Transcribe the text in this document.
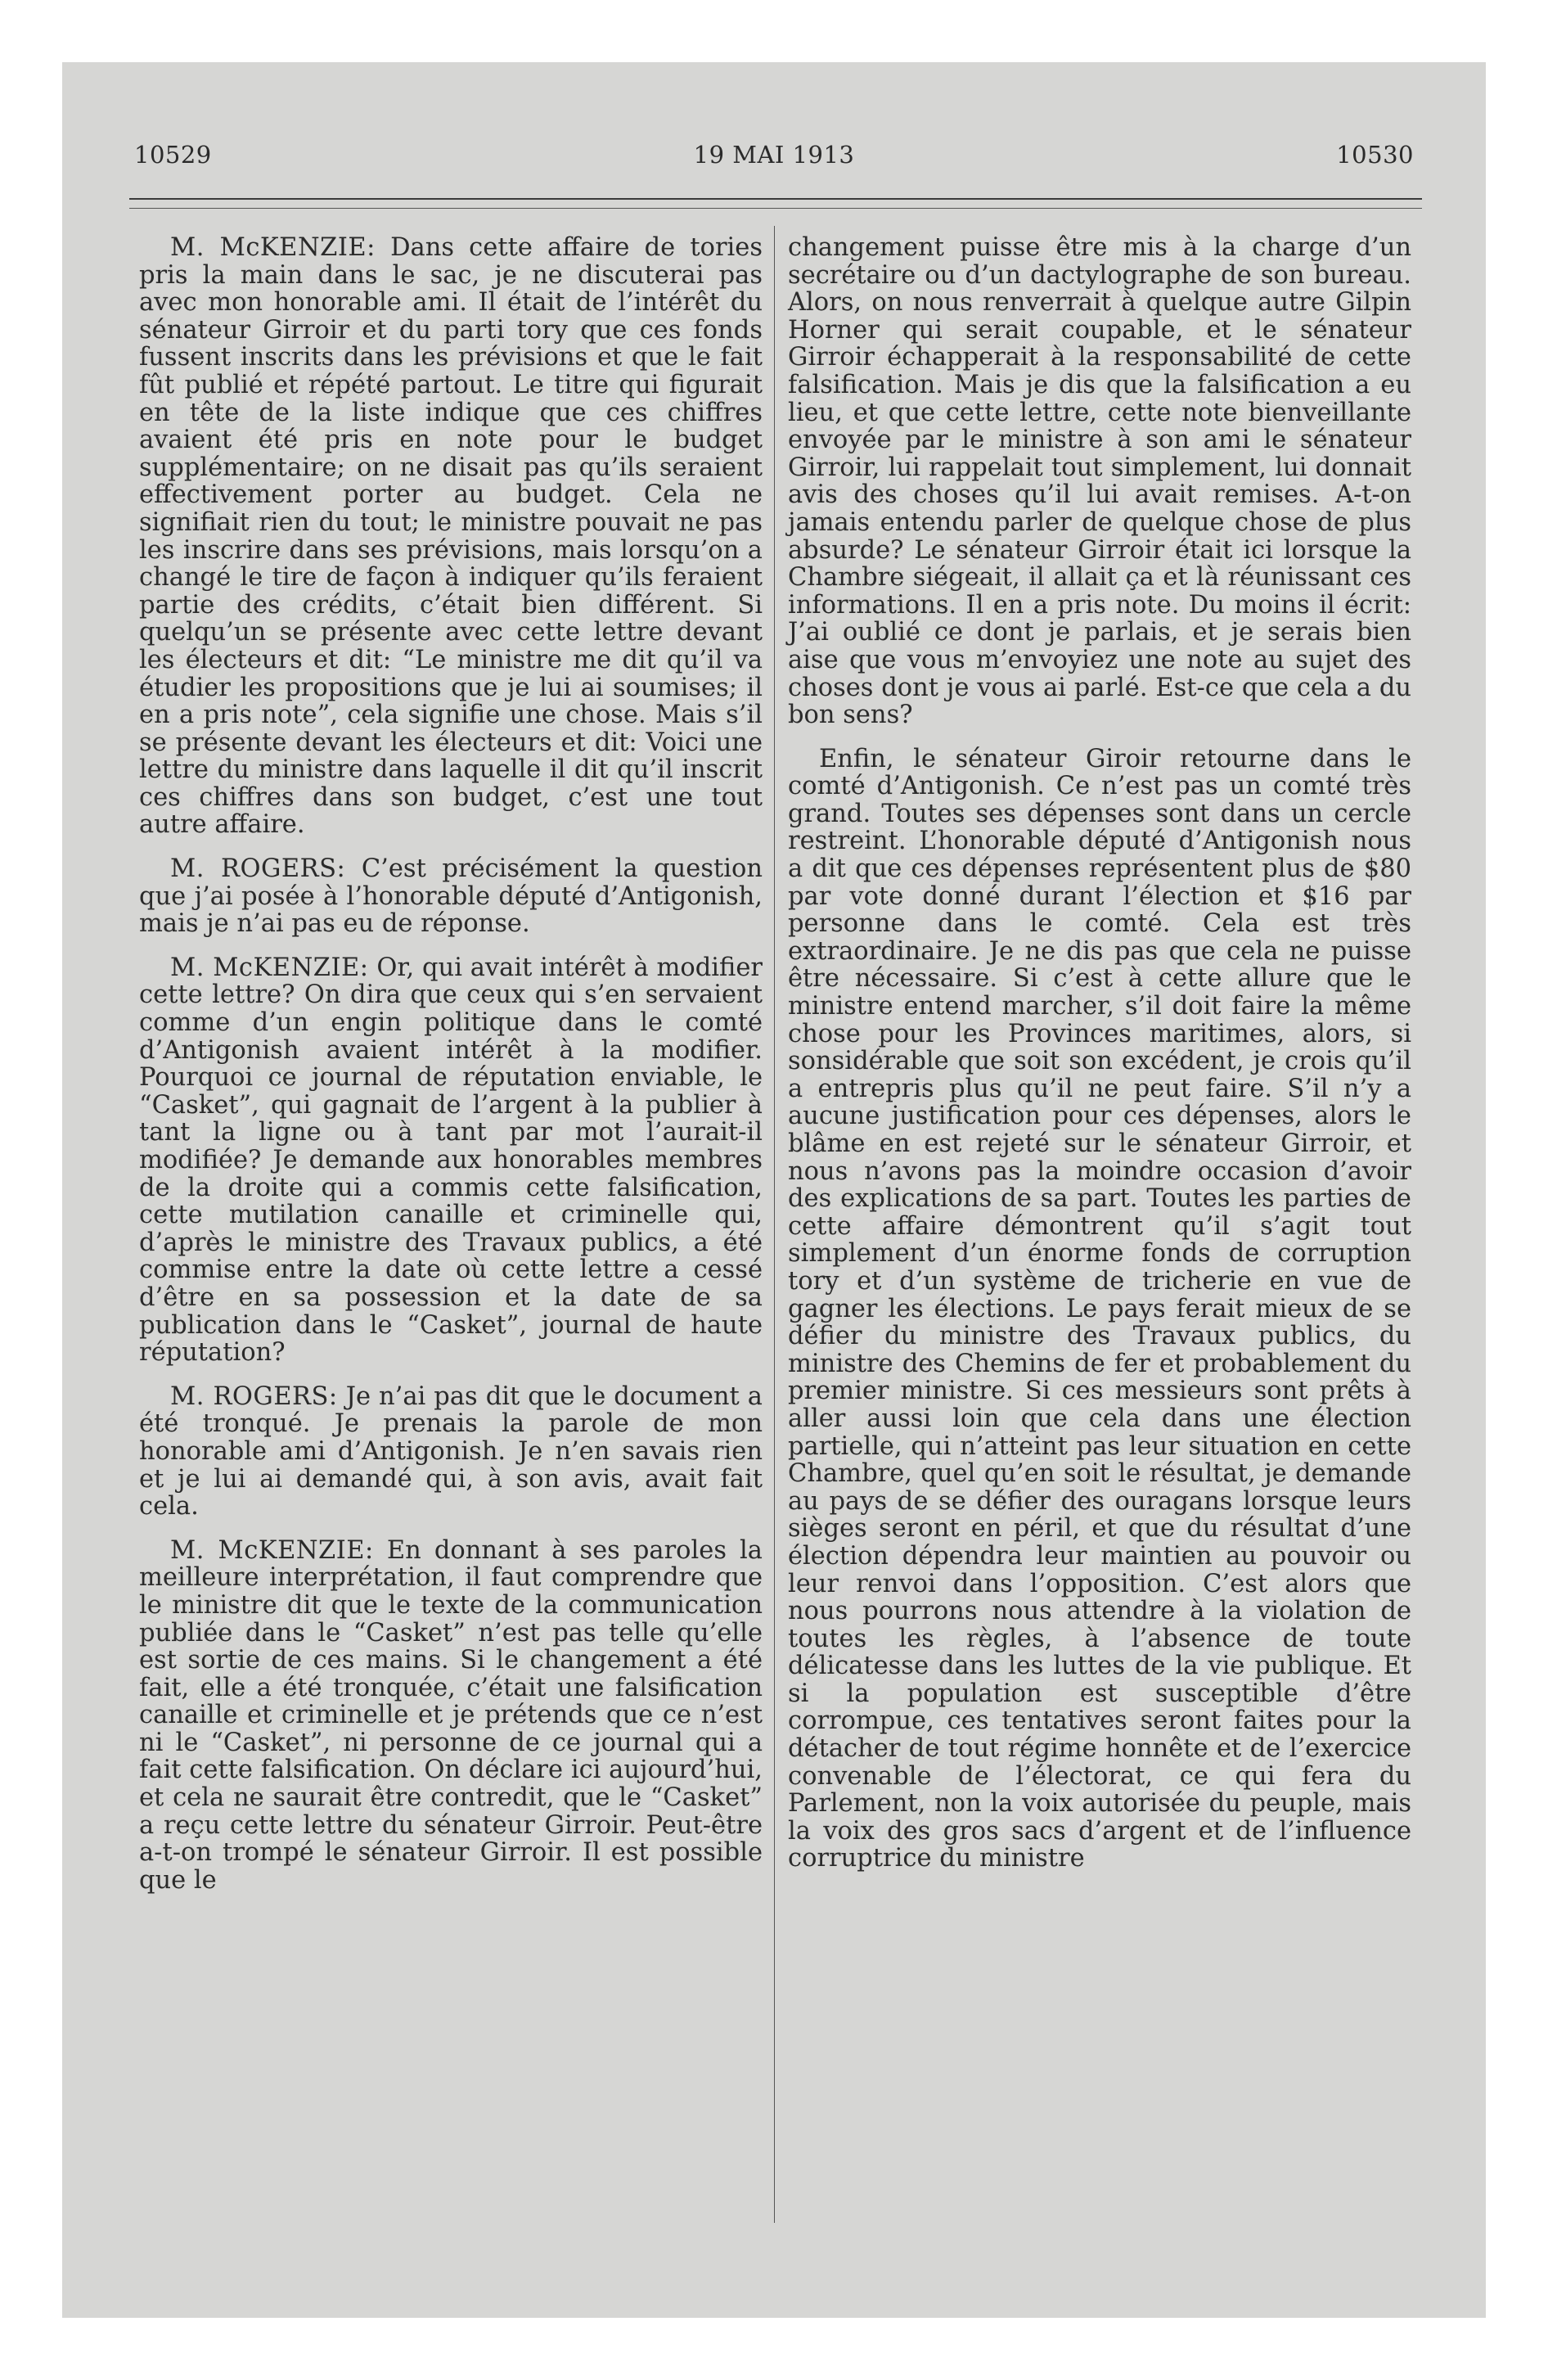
10529	19 MAI 1913	10530

M. McKENZIE: Dans cette affaire de tories pris la main dans le sac, je ne discuterai pas avec mon honorable ami. Il était de l’intérêt du sénateur Girroir et du parti tory que ces fonds fussent inscrits dans les prévisions et que le fait fût publié et répété partout. Le titre qui figurait en tête de la liste indique que ces chiffres avaient été pris en note pour le budget supplémentaire; on ne disait pas qu’ils seraient effectivement porter au budget. Cela ne signifiait rien du tout; le ministre pouvait ne pas les inscrire dans ses prévisions, mais lorsqu’on a changé le tire de façon à indiquer qu’ils feraient partie des crédits, c’était bien différent. Si quelqu’un se présente avec cette lettre devant les électeurs et dit: “Le ministre me dit qu’il va étudier les propositions que je lui ai soumises; il en a pris note”, cela signifie une chose. Mais s’il se présente devant les électeurs et dit: Voici une lettre du ministre dans laquelle il dit qu’il inscrit ces chiffres dans son budget, c’est une tout autre affaire.

M. ROGERS: C’est précisément la question que j’ai posée à l’honorable député d’Antigonish, mais je n’ai pas eu de réponse.

M. McKENZIE: Or, qui avait intérêt à modifier cette lettre? On dira que ceux qui s’en servaient comme d’un engin politique dans le comté d’Antigonish avaient intérêt à la modifier. Pourquoi ce journal de réputation enviable, le “Casket”, qui gagnait de l’argent à la publier à tant la ligne ou à tant par mot l’aurait-il modifiée? Je demande aux honorables membres de la droite qui a commis cette falsification, cette mutilation canaille et criminelle qui, d’après le ministre des Travaux publics, a été commise entre la date où cette lettre a cessé d’être en sa possession et la date de sa publication dans le “Casket”, journal de haute réputation?

M. ROGERS: Je n’ai pas dit que le document a été tronqué. Je prenais la parole de mon honorable ami d’Antigonish. Je n’en savais rien et je lui ai demandé qui, à son avis, avait fait cela.

M. McKENZIE: En donnant à ses paroles la meilleure interprétation, il faut comprendre que le ministre dit que le texte de la communication publiée dans le “Casket” n’est pas telle qu’elle est sortie de ces mains. Si le changement a été fait, elle a été tronquée, c’était une falsification canaille et criminelle et je prétends que ce n’est ni le “Casket”, ni personne de ce journal qui a fait cette falsification. On déclare ici aujourd’hui, et cela ne saurait être contredit, que le “Casket” a reçu cette lettre du sénateur Girroir. Peut-être a-t-on trompé le sénateur Girroir. Il est possible que le

changement puisse être mis à la charge d’un secrétaire ou d’un dactylographe de son bureau. Alors, on nous renverrait à quelque autre Gilpin Horner qui serait coupable, et le sénateur Girroir échapperait à la responsabilité de cette falsification. Mais je dis que la falsification a eu lieu, et que cette lettre, cette note bienveillante envoyée par le ministre à son ami le sénateur Girroir, lui rappelait tout simplement, lui donnait avis des choses qu’il lui avait remises. A-t-on jamais entendu parler de quelque chose de plus absurde? Le sénateur Girroir était ici lorsque la Chambre siégeait, il allait ça et là réunissant ces informations. Il en a pris note. Du moins il écrit: J’ai oublié ce dont je parlais, et je serais bien aise que vous m’envoyiez une note au sujet des choses dont je vous ai parlé. Est-ce que cela a du bon sens?

Enfin, le sénateur Giroir retourne dans le comté d’Antigonish. Ce n’est pas un comté très grand. Toutes ses dépenses sont dans un cercle restreint. L’honorable député d’Antigonish nous a dit que ces dépenses représentent plus de $80 par vote donné durant l’élection et $16 par personne dans le comté. Cela est très extraordinaire. Je ne dis pas que cela ne puisse être nécessaire. Si c’est à cette allure que le ministre entend marcher, s’il doit faire la même chose pour les Provinces maritimes, alors, si sonsidérable que soit son excédent, je crois qu’il a entrepris plus qu’il ne peut faire. S’il n’y a aucune justification pour ces dépenses, alors le blâme en est rejeté sur le sénateur Girroir, et nous n’avons pas la moindre occasion d’avoir des explications de sa part. Toutes les parties de cette affaire démontrent qu’il s’agit tout simplement d’un énorme fonds de corruption tory et d’un système de tricherie en vue de gagner les élections. Le pays ferait mieux de se défier du ministre des Travaux publics, du ministre des Chemins de fer et probablement du premier ministre. Si ces messieurs sont prêts à aller aussi loin que cela dans une élection partielle, qui n’atteint pas leur situation en cette Chambre, quel qu’en soit le résultat, je demande au pays de se défier des ouragans lorsque leurs sièges seront en péril, et que du résultat d’une élection dépendra leur maintien au pouvoir ou leur renvoi dans l’opposition. C’est alors que nous pourrons nous attendre à la violation de toutes les règles, à l’absence de toute délicatesse dans les luttes de la vie publique. Et si la population est susceptible d’être corrompue, ces tentatives seront faites pour la détacher de tout régime honnête et de l’exercice convenable de l’électorat, ce qui fera du Parlement, non la voix autorisée du peuple, mais la voix des gros sacs d’argent et de l’influence corruptrice du ministre
